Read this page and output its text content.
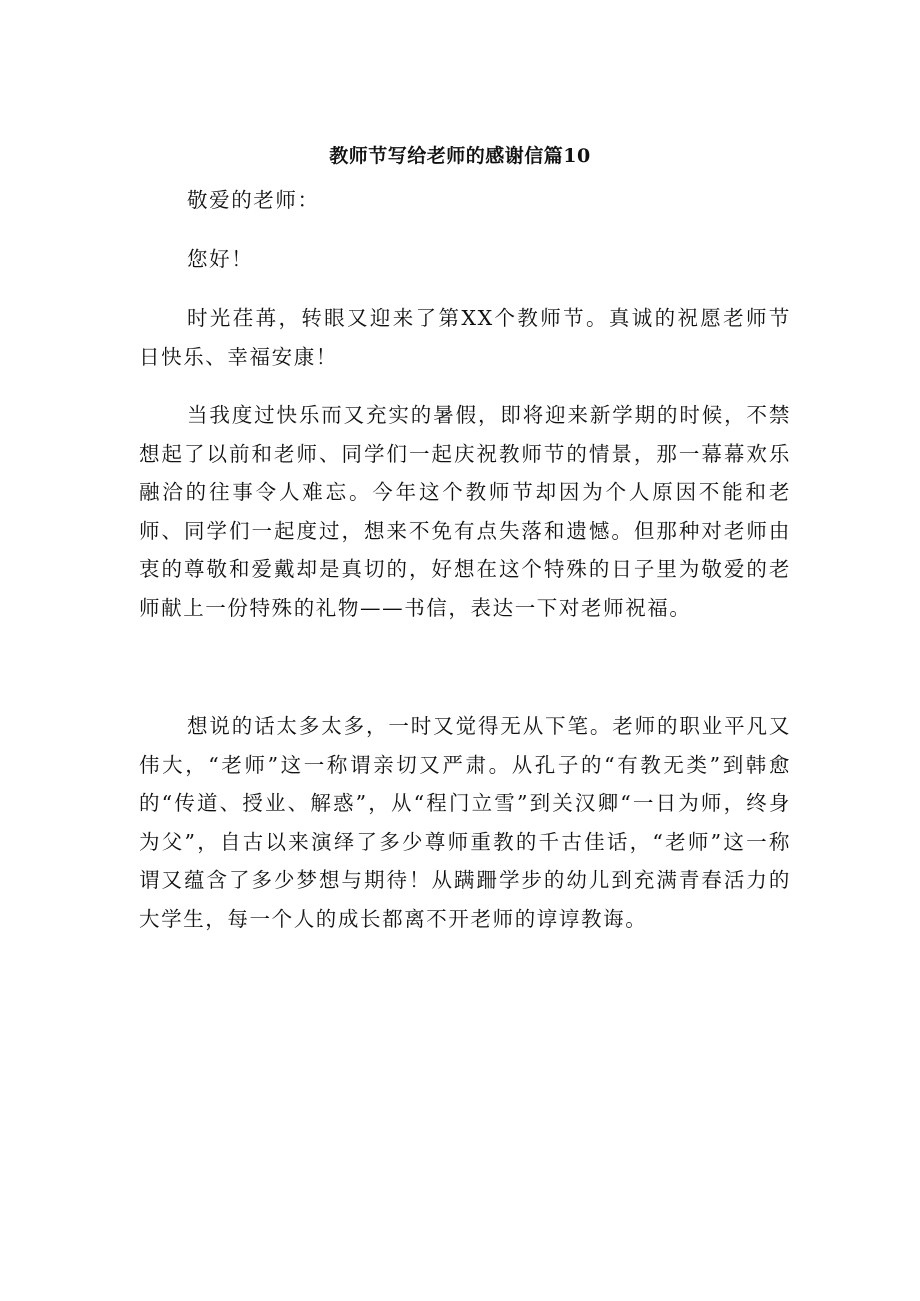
教师节写给老师的感谢信篇10

敬爱的老师：

您好！

时光荏苒，转眼又迎来了第XX个教师节。真诚的祝愿老师节日快乐、幸福安康！

当我度过快乐而又充实的暑假，即将迎来新学期的时候，不禁想起了以前和老师、同学们一起庆祝教师节的情景，那一幕幕欢乐融洽的往事令人难忘。今年这个教师节却因为个人原因不能和老师、同学们一起度过，想来不免有点失落和遗憾。但那种对老师由衷的尊敬和爱戴却是真切的，好想在这个特殊的日子里为敬爱的老师献上一份特殊的礼物——书信，表达一下对老师祝福。

想说的话太多太多，一时又觉得无从下笔。老师的职业平凡又伟大，“老师”这一称谓亲切又严肃。从孔子的“有教无类”到韩愈的“传道、授业、解惑”，从“程门立雪”到关汉卿“一日为师，终身为父”，自古以来演绎了多少尊师重教的千古佳话，“老师”这一称谓又蕴含了多少梦想与期待！从蹒跚学步的幼儿到充满青春活力的大学生，每一个人的成长都离不开老师的谆谆教诲。
